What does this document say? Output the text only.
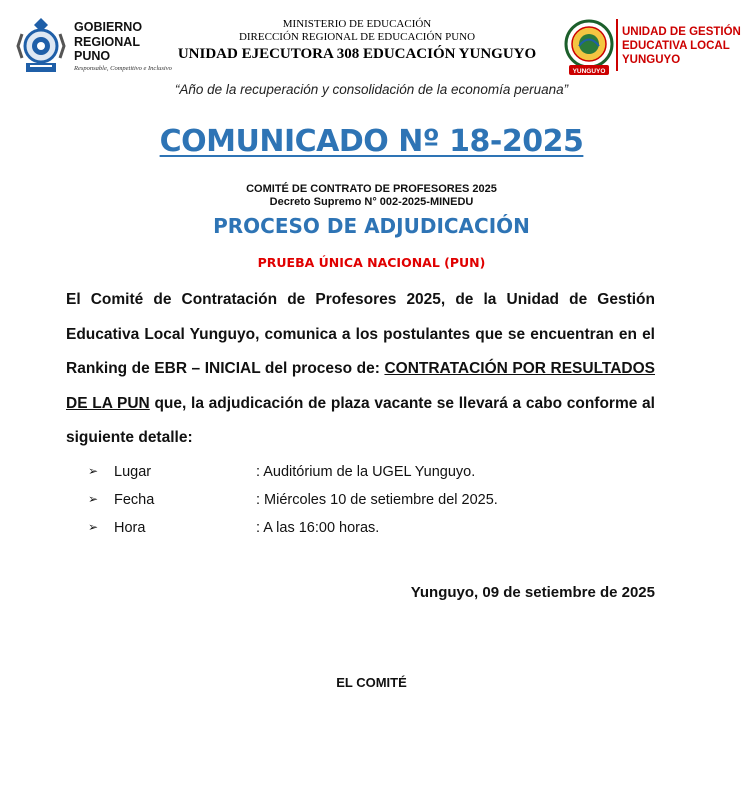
GOBIERNO
REGIONAL
PUNO
Responsable, Competitivo e Inclusivo
MINISTERIO DE EDUCACIÓN
DIRECCIÓN REGIONAL DE EDUCACIÓN PUNO
UNIDAD EJECUTORA 308 EDUCACIÓN YUNGUYO
YUNGUYO
UNIDAD DE GESTIÓN
EDUCATIVA LOCAL
YUNGUYO
“Año de la recuperación y consolidación de la economía peruana”
COMUNICADO Nº 18-2025
COMITÉ DE CONTRATO DE PROFESORES 2025
Decreto Supremo N° 002-2025-MINEDU
PROCESO DE ADJUDICACIÓN
PRUEBA ÚNICA NACIONAL (PUN)
El Comité de Contratación de Profesores 2025, de la Unidad de Gestión Educativa Local Yunguyo, comunica a los postulantes que se encuentran en el Ranking de EBR – INICIAL del proceso de: CONTRATACIÓN POR RESULTADOS DE LA PUN que, la adjudicación de plaza vacante se llevará a cabo conforme al siguiente detalle:
➢ Lugar	: Auditórium de la UGEL Yunguyo.
➢ Fecha	: Miércoles 10 de setiembre del 2025.
➢ Hora	: A las 16:00 horas.
Yunguyo, 09 de setiembre de 2025
EL COMITÉ
